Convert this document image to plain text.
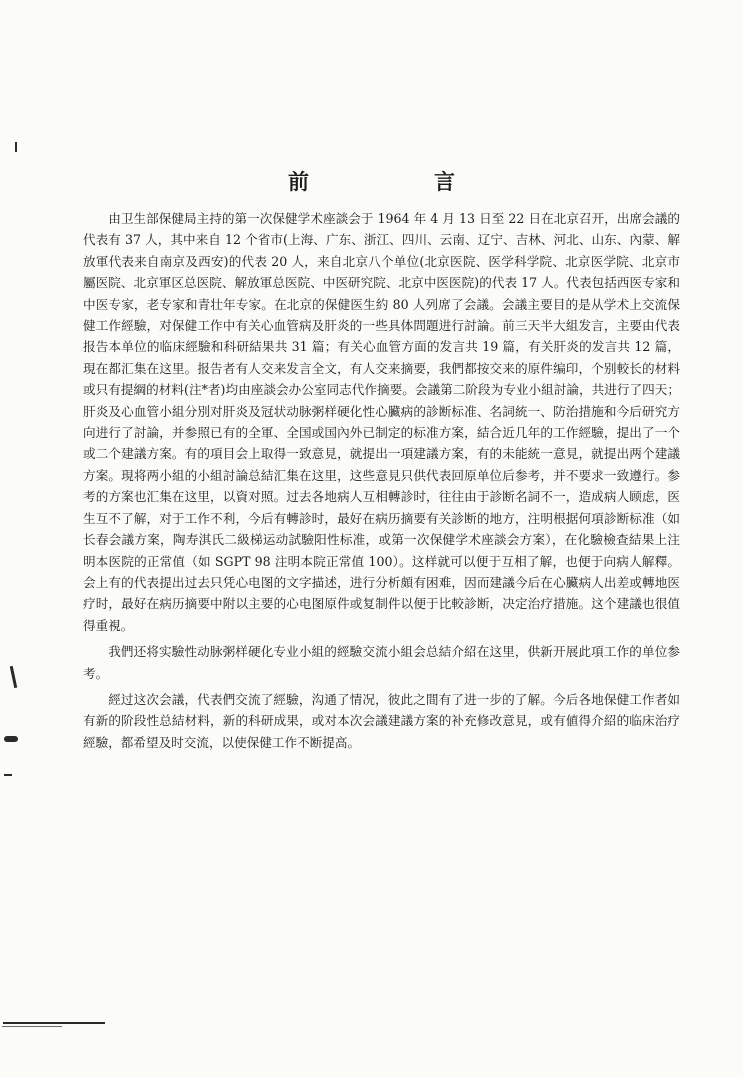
前　言

由卫生部保健局主持的第一次保健学术座談会于 1964 年 4 月 13 日至 22 日在北京召开，出席会議的代表有 37 人，其中来自 12 个省市(上海、广东、浙江、四川、云南、辽宁、吉林、河北、山东、內蒙、解放軍代表来自南京及西安)的代表 20 人，来自北京八个单位(北京医院、医学科学院、北京医学院、北京市屬医院、北京軍区总医院、解放軍总医院、中医研究院、北京中医医院)的代表 17 人。代表包括西医专家和中医专家，老专家和青壮年专家。在北京的保健医生約 80 人列席了会議。会議主要目的是从学术上交流保健工作經驗，对保健工作中有关心血管病及肝炎的一些具体問題进行討論。前三天半大組发言，主要由代表报告本单位的临床經驗和科研結果共 31 篇；有关心血管方面的发言共 19 篇，有关肝炎的发言共 12 篇，現在都汇集在这里。报告者有人交来发言全文，有人交来摘要，我們都按交来的原件编印，个别較长的材料或只有提綱的材料(注*者)均由座談会办公室同志代作摘要。会議第二阶段为专业小組討論，共进行了四天；肝炎及心血管小組分別对肝炎及冠状动脉粥样硬化性心臟病的診断标准、名詞統一、防治措施和今后研究方向进行了討論，并参照已有的全軍、全国或国內外已制定的标准方案，結合近几年的工作經驗，提出了一个或二个建議方案。有的項目会上取得一致意見，就提出一項建議方案，有的未能統一意見，就提出两个建議方案。現将两小組的小組討論总結汇集在这里，这些意見只供代表回原单位后参考，并不要求一致遵行。参考的方案也汇集在这里，以資对照。过去各地病人互相轉診时，往往由于診断名詞不一，造成病人顾虑，医生互不了解，对于工作不利，今后有轉診时，最好在病历摘要有关診断的地方，注明根据何項診断标准（如长春会議方案，陶寿淇氏二級梯运动試驗阳性标准，或第一次保健学术座談会方案），在化驗檢查結果上注明本医院的正常值（如 SGPT 98 注明本院正常值 100）。这样就可以便于互相了解，也便于向病人解釋。会上有的代表提出过去只凭心电图的文字描述，进行分析頗有困难，因而建議今后在心臟病人出差或轉地医疗时，最好在病历摘要中附以主要的心电图原件或复制件以便于比較診断，决定治疗措施。这个建議也很值得重視。

我們还将实驗性动脉粥样硬化专业小組的經驗交流小組会总結介紹在这里，供新开展此項工作的单位参考。

經过这次会議，代表們交流了經驗，沟通了情况，彼此之間有了进一步的了解。今后各地保健工作者如有新的阶段性总結材料，新的科研成果，或对本次会議建議方案的补充修改意見，或有値得介紹的临床治疗經驗，都希望及时交流，以使保健工作不断提高。
